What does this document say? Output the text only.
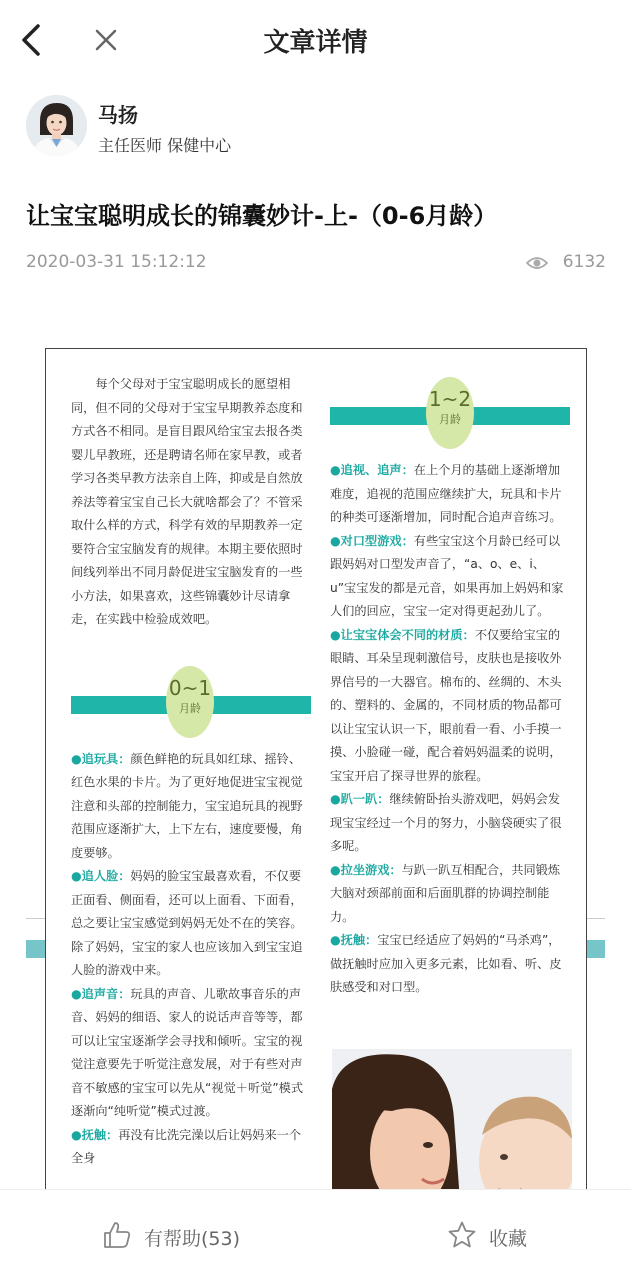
文章详情
马扬
主任医师 保健中心
让宝宝聪明成长的锦囊妙计-上-（0-6月龄）
2020-03-31 15:12:12	6132

每个父母对于宝宝聪明成长的愿望相同，但不同的父母对于宝宝早期教养态度和方式各不相同。是盲目跟风给宝宝去报各类婴儿早教班，还是聘请名师在家早教，或者学习各类早教方法亲自上阵，抑或是自然放养法等着宝宝自己长大就啥都会了？不管采取什么样的方式，科学有效的早期教养一定要符合宝宝脑发育的规律。本期主要依照时间线列举出不同月龄促进宝宝脑发育的一些小方法，如果喜欢，这些锦囊妙计尽请拿走，在实践中检验成效吧。

0~1
月龄
●追玩具：颜色鲜艳的玩具如红球、摇铃、红色水果的卡片。为了更好地促进宝宝视觉注意和头部的控制能力，宝宝追玩具的视野范围应逐渐扩大，上下左右，速度要慢，角度要够。
●追人脸：妈妈的脸宝宝最喜欢看，不仅要正面看、侧面看，还可以上面看、下面看，总之要让宝宝感觉到妈妈无处不在的笑容。除了妈妈，宝宝的家人也应该加入到宝宝追人脸的游戏中来。
●追声音：玩具的声音、儿歌故事音乐的声音、妈妈的细语、家人的说话声音等等，都可以让宝宝逐渐学会寻找和倾听。宝宝的视觉注意要先于听觉注意发展，对于有些对声音不敏感的宝宝可以先从“视觉＋听觉”模式逐渐向“纯听觉”模式过渡。
●抚触：再没有比洗完澡以后让妈妈来一个全身
1~2
月龄
●追视、追声：在上个月的基础上逐渐增加难度，追视的范围应继续扩大，玩具和卡片的种类可逐渐增加，同时配合追声音练习。
●对口型游戏：有些宝宝这个月龄已经可以跟妈妈对口型发声音了，“a、o、e、i、u”宝宝发的都是元音，如果再加上妈妈和家人们的回应，宝宝一定对得更起劲儿了。
●让宝宝体会不同的材质：不仅要给宝宝的眼睛、耳朵呈现刺激信号，皮肤也是接收外界信号的一大器官。棉布的、丝绸的、木头的、塑料的、金属的，不同材质的物品都可以让宝宝认识一下，眼前看一看、小手摸一摸、小脸碰一碰，配合着妈妈温柔的说明，宝宝开启了探寻世界的旅程。
●趴一趴：继续俯卧抬头游戏吧，妈妈会发现宝宝经过一个月的努力，小脑袋硬实了很多呢。
●拉坐游戏：与趴一趴互相配合，共同锻炼大脑对颈部前面和后面肌群的协调控制能力。
●抚触：宝宝已经适应了妈妈的“马杀鸡”，做抚触时应加入更多元素，比如看、听、皮肤感受和对口型。
有帮助(53)	收藏
